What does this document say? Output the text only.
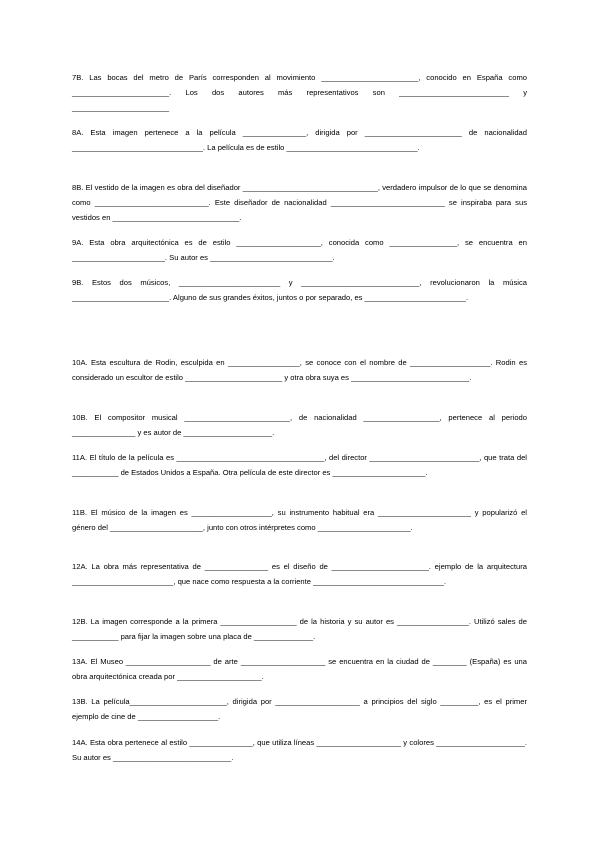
7B. Las bocas del metro de París corresponden al movimiento _______________________, conocido en España como _______________________. Los dos autores más representativos son __________________________ y _______________________

8A. Esta imagen pertenece a la película _______________, dirigida por _______________________ de nacionalidad _______________________________. La película es de estilo _______________________________.

8B. El vestido de la imagen es obra del diseñador ________________________________, verdadero impulsor de lo que se denomina como ___________________________. Este diseñador de nacionalidad ___________________________ se inspiraba para sus vestidos en ______________________________.

9A. Esta obra arquitectónica es de estilo ____________________, conocida como ________________, se encuentra en ______________________. Su autor es _____________________________.

9B. Estos dos músicos, ________________________ y ____________________________, revolucionaron la música _______________________. Alguno de sus grandes éxitos, juntos o por separado, es ________________________.

10A. Esta escultura de Rodin, esculpida en _________________, se conoce con el nombre de ___________________. Rodin es considerado un escultor de estilo _______________________ y otra obra suya es ____________________________.

10B. El compositor musical _________________________, de nacionalidad __________________, pertenece al periodo _______________ y es autor de _____________________.

11A. El título de la película es ___________________________________, del director __________________________, que trata del ___________ de Estados Unidos a España. Otra película de este director es ______________________.

11B. El músico de la imagen es ___________________, su instrumento habitual era ______________________ y popularizó el género del ______________________, junto con otros intérpretes como ______________________.

12A. La obra más representativa de _______________ es el diseño de _______________________. ejemplo de la arquitectura ________________________, que nace como respuesta a la corriente _______________________________.

12B. La imagen corresponde a la primera __________________ de la historia y su autor es _________________. Utilizó sales de ___________ para fijar la imagen sobre una placa de ______________.

13A. El Museo ____________________ de arte ____________________ se encuentra en la ciudad de ________ (España) es una obra arquitectónica creada por ____________________.

13B. La película_______________________, dirigida por ____________________ a principios del siglo _________, es el primer ejemplo de cine de ___________________.

14A. Esta obra pertenece al estilo _______________, que utiliza líneas ____________________ y colores _____________________. Su autor es ____________________________.
